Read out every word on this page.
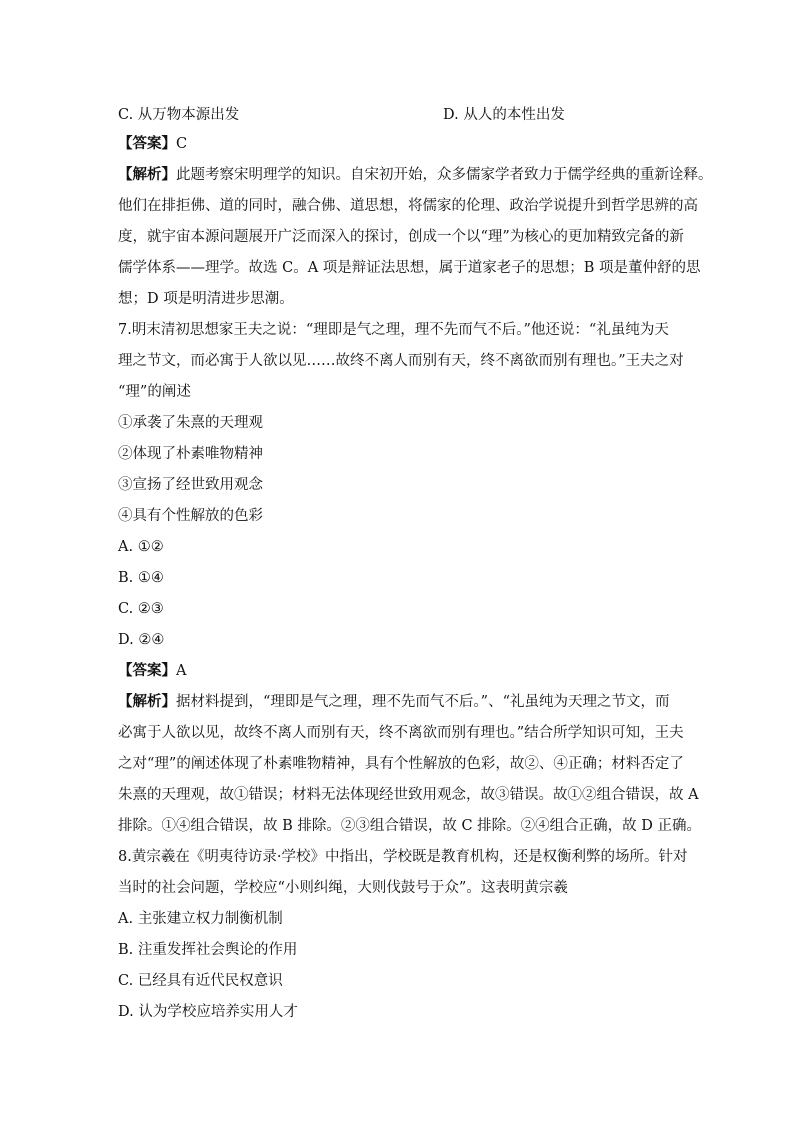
C. 从万物本源出发	D. 从人的本性出发
【答案】C
【解析】此题考察宋明理学的知识。自宋初开始，众多儒家学者致力于儒学经典的重新诠释。
他们在排拒佛、道的同时，融合佛、道思想，将儒家的伦理、政治学说提升到哲学思辨的高
度，就宇宙本源问题展开广泛而深入的探讨，创成一个以“理”为核心的更加精致完备的新
儒学体系——理学。故选 C。A 项是辩证法思想，属于道家老子的思想；B 项是董仲舒的思
想；D 项是明清进步思潮。
7.明末清初思想家王夫之说：“理即是气之理，理不先而气不后。”他还说：“礼虽纯为天
理之节文，而必寓于人欲以见……故终不离人而别有天，终不离欲而别有理也。”王夫之对
“理”的阐述
①承袭了朱熹的天理观
②体现了朴素唯物精神
③宣扬了经世致用观念
④具有个性解放的色彩
A. ①②
B. ①④
C. ②③
D. ②④
【答案】A
【解析】据材料提到，“理即是气之理，理不先而气不后。”、“礼虽纯为天理之节文，而
必寓于人欲以见，故终不离人而别有天，终不离欲而别有理也。”结合所学知识可知，王夫
之对“理”的阐述体现了朴素唯物精神，具有个性解放的色彩，故②、④正确；材料否定了
朱熹的天理观，故①错误；材料无法体现经世致用观念，故③错误。故①②组合错误，故 A
排除。①④组合错误，故 B 排除。②③组合错误，故 C 排除。②④组合正确，故 D 正确。
8.黄宗羲在《明夷待访录·学校》中指出，学校既是教育机构，还是权衡利弊的场所。针对
当时的社会问题，学校应“小则纠绳，大则伐鼓号于众”。这表明黄宗羲
A. 主张建立权力制衡机制
B. 注重发挥社会舆论的作用
C. 已经具有近代民权意识
D. 认为学校应培养实用人才
